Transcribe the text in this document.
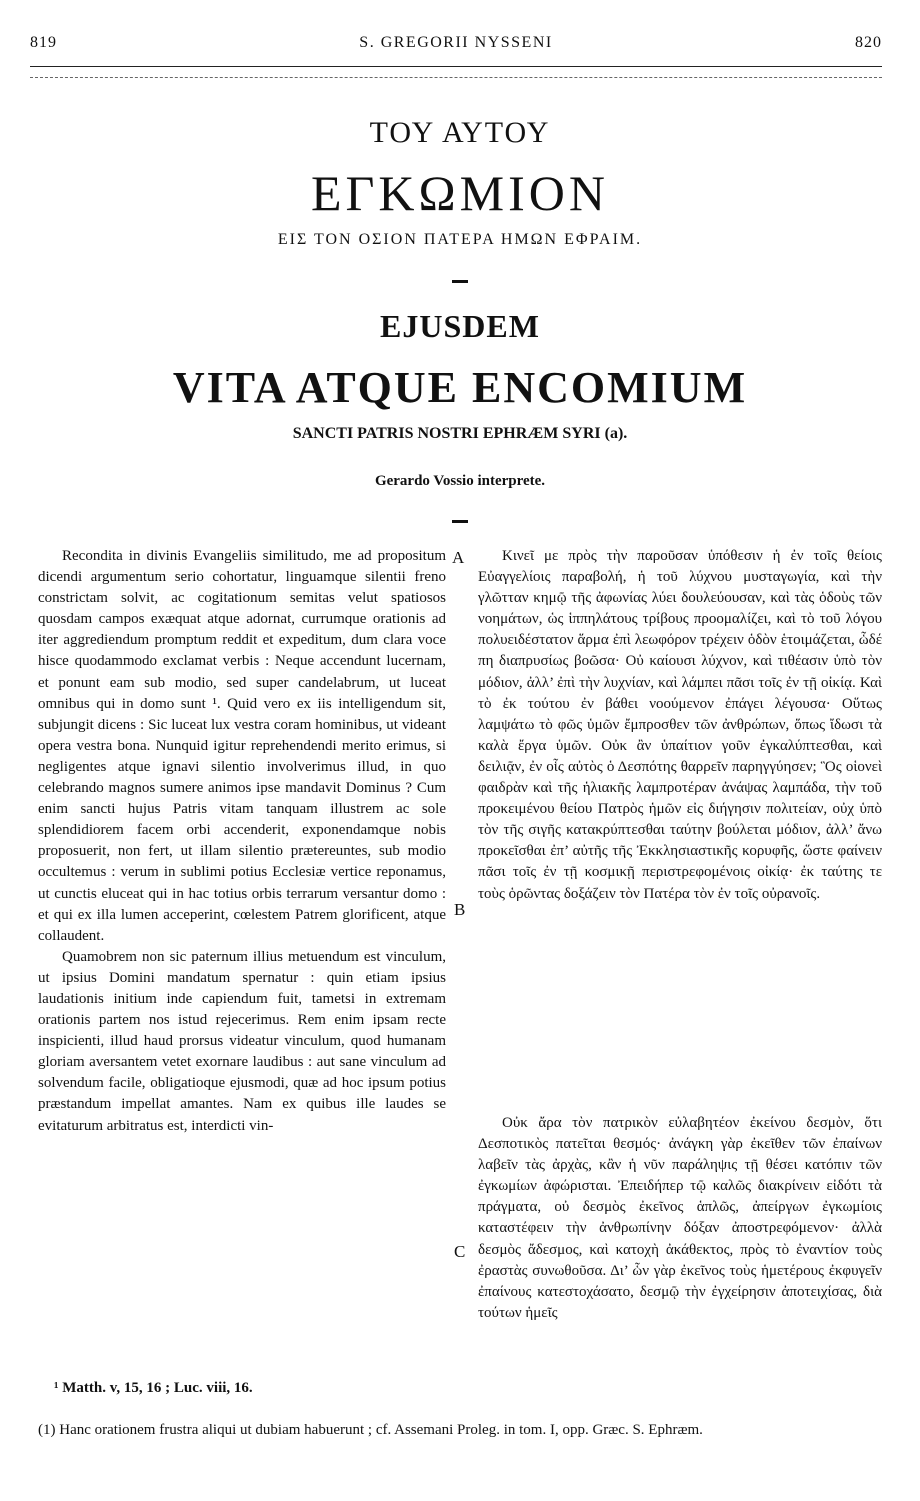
819	S. GREGORII NYSSENI	820
ΤΟΥ ΑΥΤΟΥ
ΕΓΚΩΜΙΟΝ
ΕΙΣ ΤΟΝ ΟΣΙΟΝ ΠΑΤΕΡΑ ΗΜΩΝ ΕΦΡΑΙΜ.
EJUSDEM
VITA ATQUE ENCOMIUM
SANCTI PATRIS NOSTRI EPHRÆM SYRI (a).
Gerardo Vossio interprete.

Recondita in divinis Evangeliis similitudo, me ad propositum dicendi argumentum serio cohortatur, linguamque silentii freno constrictam solvit, ac cogitationum semitas velut spatiosos quosdam campos exæquat atque adornat, currumque orationis ad iter aggrediendum promptum reddit et expeditum, dum clara voce hisce quodammodo exclamat verbis : Neque accendunt lucernam, et ponunt eam sub modio, sed super candelabrum, ut luceat omnibus qui in domo sunt ¹. Quid vero ex iis intelligendum sit, subjungit dicens : Sic luceat lux vestra coram hominibus, ut videant opera vestra bona. Nunquid igitur reprehendendi merito erimus, si negligentes atque ignavi silentio involverimus illud, in quo celebrando magnos sumere animos ipse mandavit Dominus ? Cum enim sancti hujus Patris vitam tanquam illustrem ac sole splendidiorem facem orbi accenderit, exponendamque nobis proposuerit, non fert, ut illam silentio prætereuntes, sub modio occultemus : verum in sublimi potius Ecclesiæ vertice reponamus, ut cunctis eluceat qui in hac totius orbis terrarum versantur domo : et qui ex illa lumen acceperint, cœlestem Patrem glorificent, atque collaudent.

Quamobrem non sic paternum illius metuendum est vinculum, ut ipsius Domini mandatum spernatur : quin etiam ipsius laudationis initium inde capiendum fuit, tametsi in extremam orationis partem nos istud rejecerimus. Rem enim ipsam recte inspicienti, illud haud prorsus videatur vinculum, quod humanam gloriam aversantem vetet exornare laudibus : aut sane vinculum ad solvendum facile, obligatioque ejusmodi, quæ ad hoc ipsum potius præstandum impellat amantes. Nam ex quibus ille laudes se evitaturum arbitratus est, interdicti vin-

A
B
C

Κινεῖ με πρὸς τὴν παροῦσαν ὑπόθεσιν ἡ ἐν τοῖς θείοις Εὐαγγελίοις παραβολή, ἡ τοῦ λύχνου μυσταγωγία, καὶ τὴν γλῶτταν κημῷ τῆς ἀφωνίας λύει δουλεύουσαν, καὶ τὰς ὁδοὺς τῶν νοημάτων, ὡς ἱππηλάτους τρίβους προομαλίζει, καὶ τὸ τοῦ λόγου πολυειδέστατον ἅρμα ἐπὶ λεωφόρον τρέχειν ὁδὸν ἑτοιμάζεται, ὧδέ πη διαπρυσίως βοῶσα· Οὐ καίουσι λύχνον, καὶ τιθέασιν ὑπὸ τὸν μόδιον, ἀλλ’ ἐπὶ τὴν λυχνίαν, καὶ λάμπει πᾶσι τοῖς ἐν τῇ οἰκίᾳ. Καὶ τὸ ἐκ τούτου ἐν βάθει νοούμενον ἐπάγει λέγουσα· Οὕτως λαμψάτω τὸ φῶς ὑμῶν ἔμπροσθεν τῶν ἀνθρώπων, ὅπως ἴδωσι τὰ καλὰ ἔργα ὑμῶν. Οὐκ ἂν ὑπαίτιον γοῦν ἐγκαλύπτεσθαι, καὶ δειλιᾷν, ἐν οἷς αὐτὸς ὁ Δεσπότης θαρρεῖν παρηγγύησεν; Ὃς οἱονεὶ φαιδρὰν καὶ τῆς ἡλιακῆς λαμπροτέραν ἀνάψας λαμπάδα, τὴν τοῦ προκειμένου θείου Πατρὸς ἡμῶν εἰς διήγησιν πολιτείαν, οὐχ ὑπὸ τὸν τῆς σιγῆς κατακρύπτεσθαι ταύτην βούλεται μόδιον, ἀλλ’ ἄνω προκεῖσθαι ἐπ’ αὐτῆς τῆς Ἐκκλησιαστικῆς κορυφῆς, ὥστε φαίνειν πᾶσι τοῖς ἐν τῇ κοσμικῇ περιστρεφομένοις οἰκίᾳ· ἐκ ταύτης τε τοὺς ὁρῶντας δοξάζειν τὸν Πατέρα τὸν ἐν τοῖς οὐρανοῖς.

Οὐκ ἄρα τὸν πατρικὸν εὐλαβητέον ἐκείνου δεσμὸν, ὅτι Δεσποτικὸς πατεῖται θεσμός· ἀνάγκη γὰρ ἐκεῖθεν τῶν ἐπαίνων λαβεῖν τὰς ἀρχὰς, κἂν ἡ νῦν παράληψις τῇ θέσει κατόπιν τῶν ἐγκωμίων ἀφώρισται. Ἐπειδήπερ τῷ καλῶς διακρίνειν εἰδότι τὰ πράγματα, οὐ δεσμὸς ἐκεῖνος ἁπλῶς, ἀπείργων ἐγκωμίοις καταστέφειν τὴν ἀνθρωπίνην δόξαν ἀποστρεφόμενον· ἀλλὰ δεσμὸς ἄδεσμος, καὶ κατοχὴ ἀκάθεκτος, πρὸς τὸ ἐναντίον τοὺς ἐραστὰς συνωθοῦσα. Δι’ ὧν γὰρ ἐκεῖνος τοὺς ἡμετέρους ἐκφυγεῖν ἐπαίνους κατεστοχάσατο, δεσμῷ τὴν ἐγχείρησιν ἀποτειχίσας, διὰ τούτων ἡμεῖς

¹ Matth. v, 15, 16 ; Luc. viii, 16.
(1) Hanc orationem frustra aliqui ut dubiam habuerunt ; cf. Assemani Proleg. in tom. I, opp. Græc. S. Ephræm.
